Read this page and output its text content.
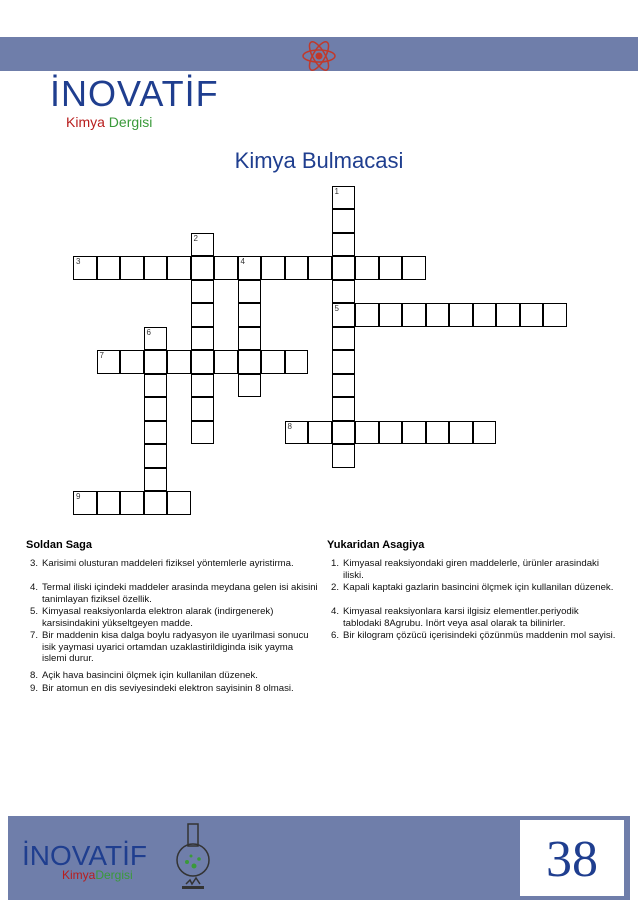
İNOVATİF
Kimya Dergisi
Kimya Bulmacasi
1
5
2
3	4
6
7
8
9
Soldan Saga	Yukaridan Asagiya
3. Karisimi olusturan maddeleri fiziksel yöntemlerle ayristirma.
4. Termal iliski içindeki maddeler arasinda meydana gelen isi akisini tanimlayan fiziksel özellik.
5. Kimyasal reaksiyonlarda elektron alarak (indirgenerek) karsisindakini yükseltgeyen madde.
7. Bir maddenin kisa dalga boylu radyasyon ile uyarilmasi sonucu isik yaymasi uyarici ortamdan uzaklastirildiginda isik yayma islemi durur.
8. Açik hava basincini ölçmek için kullanilan düzenek.
9. Bir atomun en dis seviyesindeki elektron sayisinin 8 olmasi.
1. Kimyasal reaksiyondaki giren maddelerle, ürünler arasindaki iliski.
2. Kapali kaptaki gazlarin basincini ölçmek için kullanilan düzenek.
4. Kimyasal reaksiyonlara karsi ilgisiz elementler.periyodik tablodaki 8Agrubu. Inört veya asal olarak ta bilinirler.
6. Bir kilogram çözücü içerisindeki çözünmüs maddenin mol sayisi.
İNOVATİF
KimyaDergisi	38
